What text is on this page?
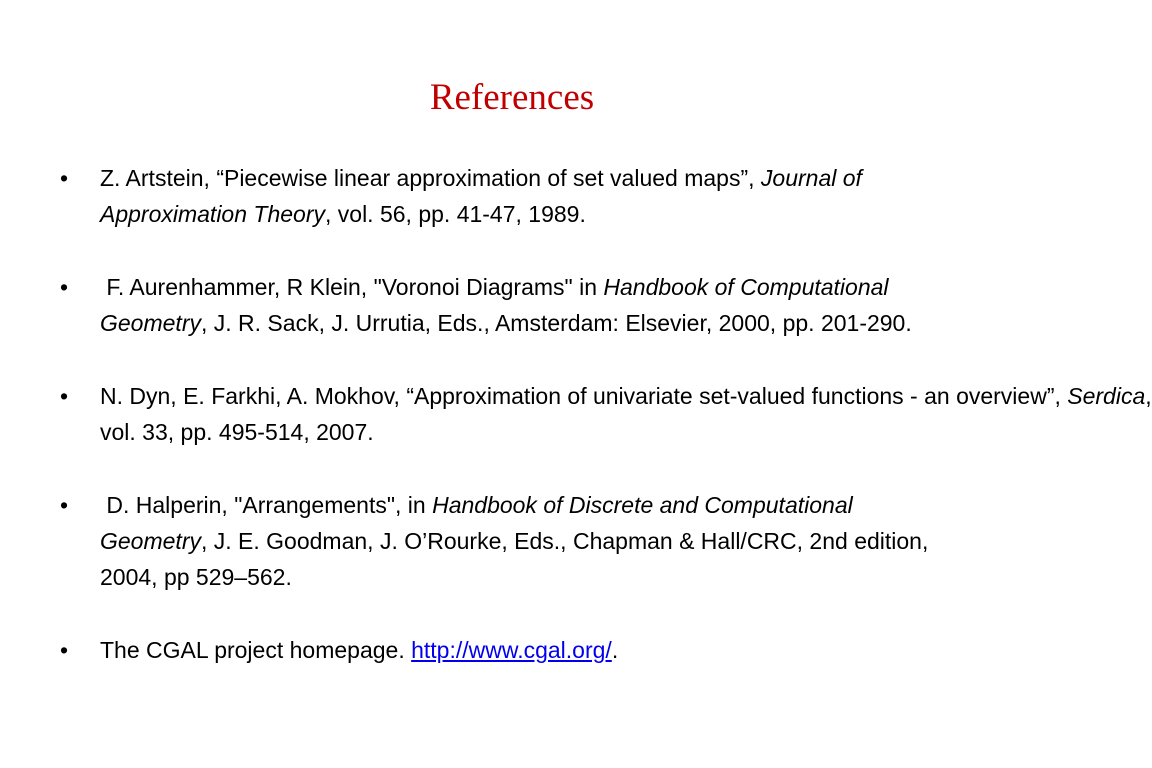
References
•	Z. Artstein, “Piecewise linear approximation of set valued maps”, Journal of Approximation Theory, vol. 56, pp. 41-47, 1989.
•	F. Aurenhammer, R Klein, "Voronoi Diagrams" in Handbook of Computational Geometry, J. R. Sack, J. Urrutia, Eds., Amsterdam: Elsevier, 2000, pp. 201-290.
•	N. Dyn, E. Farkhi, A. Mokhov, “Approximation of univariate set-valued functions - an overview”, Serdica, vol. 33, pp. 495-514, 2007.
•	D. Halperin, "Arrangements", in Handbook of Discrete and Computational Geometry, J. E. Goodman, J. O’Rourke, Eds., Chapman & Hall/CRC, 2nd edition, 2004, pp 529–562.
•	The CGAL project homepage. http://www.cgal.org/.
